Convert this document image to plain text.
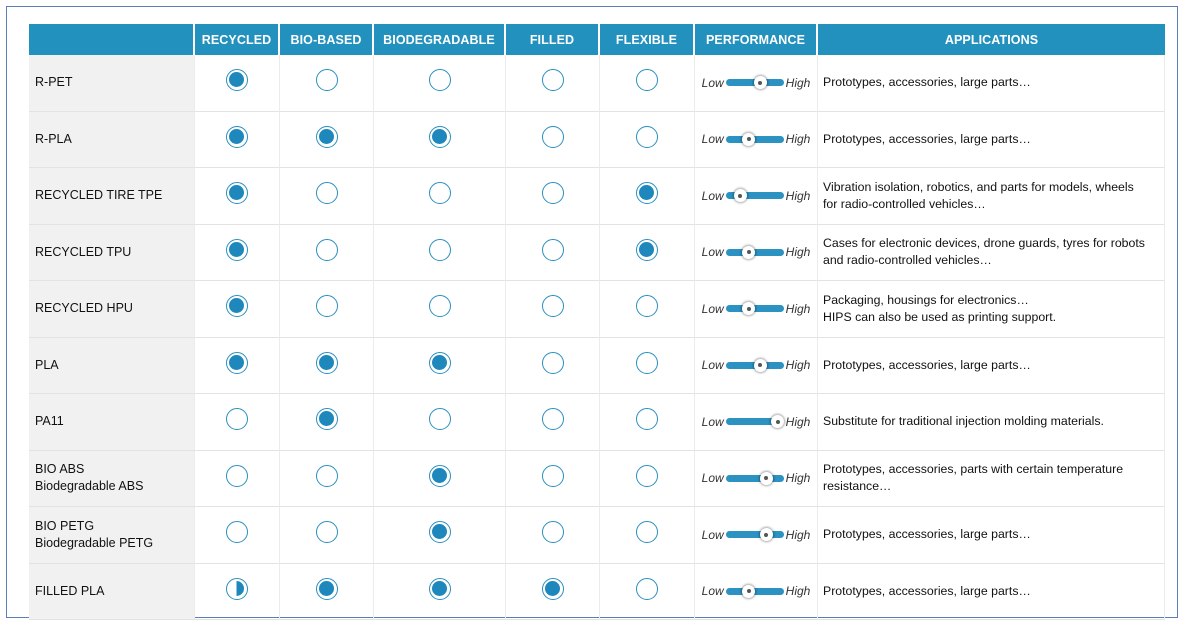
	RECYCLED	BIO-BASED	BIODEGRADABLE	FILLED	FLEXIBLE	PERFORMANCE	APPLICATIONS

R-PET						Low High	Prototypes, accessories, large parts…

R-PLA						Low High	Prototypes, accessories, large parts…

RECYCLED TIRE TPE						Low High	Vibration isolation, robotics, and parts for models, wheels
for radio-controlled vehicles…

RECYCLED TPU						Low High	Cases for electronic devices, drone guards, tyres for robots
and radio-controlled vehicles…

RECYCLED HPU						Low High	Packaging, housings for electronics…
HIPS can also be used as printing support.

PLA						Low High	Prototypes, accessories, large parts…

PA11						Low High	Substitute for traditional injection molding materials.

BIO ABS
Biodegradable ABS						Low High	Prototypes, accessories, parts with certain temperature
resistance…

BIO PETG
Biodegradable PETG						Low High	Prototypes, accessories, large parts…

FILLED PLA						Low High	Prototypes, accessories, large parts…
